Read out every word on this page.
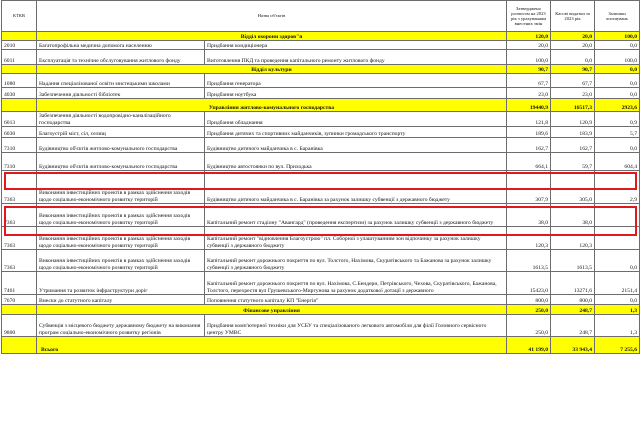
КТКВ	Назва об'єктів		Затверджено розписом на 2023 рік з урахуванням внесених змін	Касові видатки за 2023 рік	Залишки асигнувань
	Відділ охорони здоров"я		120,0	20,0	100,0
2010	Багатопрофільна медична допомога населенню	Придбання кондиціонера	20,0	20,0	0,0
6011	Експлуатація та технічне обслуговування житлового фонду	Виготовлення ПКД та проведення капітального ремонту житлового фонду	100,0	0,0	100,0
	Відділ культури		90,7	90,7	0,0
1080	Надання спеціалізованої освіти мистецькими школами	Придбання генератора	67,7	67,7	0,0
4030	Забезпечення діяльності бібліотек	Придбання ноутбука	23,0	23,0	0,0
	Управління житлово-комунального господарства		19440,9	16517,3	2923,6
6013	Забезпечення діяльності водопровідно-каналізаційного господарства	Придбання обладнання	121,8	120,9	0,9
6030	Благоустрій міст, сіл, селищ	Придбання дитячих та спортивних майданчиків, зупинки громадського транспорту	189,6	183,9	5,7
7310	Будівництво об'єктів житлово-комунального господарства	Будівництво дитячого майданчика в с. Баранівка	162,7	162,7	0,0
7310	Будівництво об'єктів житлово-комунального господарства	Будівництво автостоянки по вул. Приходька	664,1	59,7	604,4
7363	Виконання інвестиційних проектів в рамках здійснення заходів щодо соціально-економічного розвитку територій	Будівництво дитячого майданчика в с. Баранівка за рахунок залишку субвенції з державного бюджету	307,9	305,0	2,9
7363	Виконання інвестиційних проектів в рамках здійснення заходів щодо соціально-економічного розвитку територій	Капітальний ремонт стадіону "Авангард" (проведення експертизи) за рахунок залишку субвенції з державного бюджету	38,0	38,0	
7363	Виконання інвестиційних проектів в рамках здійснення заходів щодо соціально-економічного розвитку територій	Капітальний ремонт "відновлення Благоустрою" пл. Соборної з улаштуванням зон відпочинку за рахунок залишку субвенції з державного бюджету	120,3	120,3	
7363	Виконання інвестиційних проектів в рамках здійснення заходів щодо соціально-економічного розвитку територій	Капітальний ремонт дорожнього покриття по вул. Толстого, Нахімова, Скуратівського та Бажанова за рахунок залишку субвенції з державного бюджету	1613,5	1613,5	0,0
7461	Утримання та розвиток інфраструктури доріг	Капітальний ремонт дорожнього покриття по вул. Нахімова, С.Бендери, Петрівського, Чехова, Скуратівського, Бажанова, Толстого, перехрестя вул Грушевського-Миргунова за рахунок додаткової дотації з державного	15423,0	13271,6	2151,4
7670	Внески до статутного капіталу	Поповнення статутного капіталу КП "Енергія"	800,0	800,0	0,0
	Фінансове управління		250,0	248,7	1,3
9800	Субвенція з місцевого бюджету державному бюджету на виконання програм соціально-економічного розвитку регіонів	Придбання комп'ютерної техніки для УСБУ та спеціалізованого легкового автомобіля для філії Головного сервісного центру УМВС	250,0	248,7	1,3
	Всього		41 199,0	33 943,4	7 255,6
